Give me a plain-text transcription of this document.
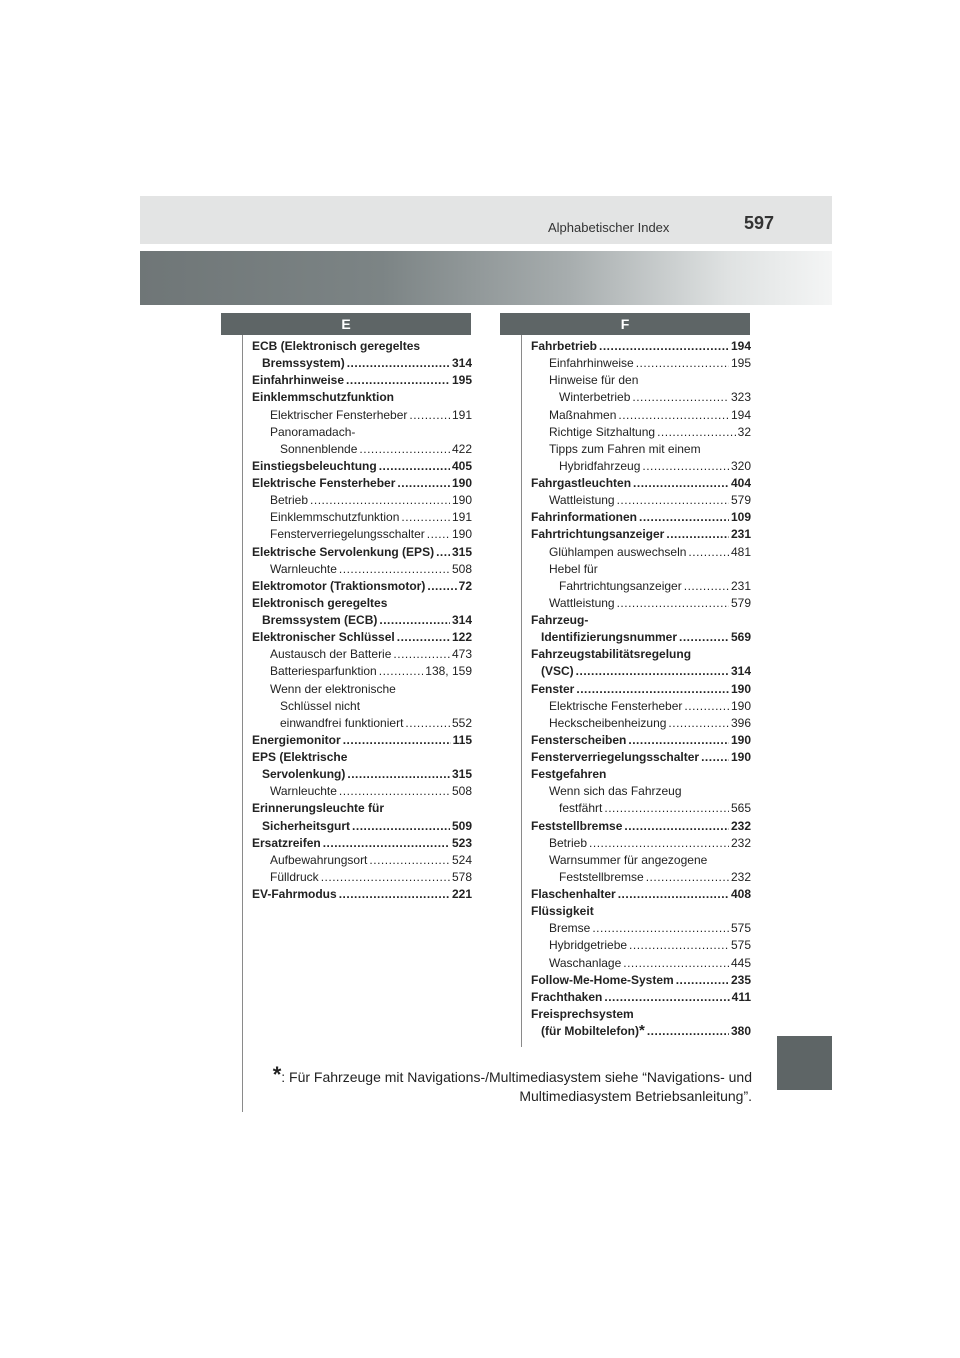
Alphabetischer Index	597
E	F
ECB (Elektronisch geregeltes
Bremssystem) .....	314
Einfahrhinweise .....	195
Einklemmschutzfunktion
Elektrischer Fensterheber .....	191
Panoramadach-
Sonnenblende .....	422
Einstiegsbeleuchtung .....	405
Elektrische Fensterheber .....	190
Betrieb .....	190
Einklemmschutzfunktion .....	191
Fensterverriegelungsschalter ..... 190
Elektrische Servolenkung (EPS) ..... 315
Warnleuchte .....	508
Elektromotor (Traktionsmotor) .....	72
Elektronisch geregeltes
Bremssystem (ECB) .....	314
Elektronischer Schlüssel .....	122
Austausch der Batterie .....	473
Batteriesparfunktion .....	138, 159
Wenn der elektronische
Schlüssel nicht
einwandfrei funktioniert .....	552
Energiemonitor .....	115
EPS (Elektrische
Servolenkung) .....	315
Warnleuchte .....	508
Erinnerungsleuchte für
Sicherheitsgurt .....	509
Ersatzreifen .....	523
Aufbewahrungsort .....	524
Fülldruck .....	578
EV-Fahrmodus .....	221
Fahrbetrieb .....	194
Einfahrhinweise .....	195
Hinweise für den
Winterbetrieb .....	323
Maßnahmen .....	194
Richtige Sitzhaltung .....	32
Tipps zum Fahren mit einem
Hybridfahrzeug .....	320
Fahrgastleuchten .....	404
Wattleistung .....	579
Fahrinformationen .....	109
Fahrtrichtungsanzeiger .....	231
Glühlampen auswechseln .....	481
Hebel für
Fahrtrichtungsanzeiger .....	231
Wattleistung .....	579
Fahrzeug-
Identifizierungsnummer .....	569
Fahrzeugstabilitätsregelung
(VSC) .....	314
Fenster .....	190
Elektrische Fensterheber .....	190
Heckscheibenheizung .....	396
Fensterscheiben .....	190
Fensterverriegelungsschalter .....	190
Festgefahren
Wenn sich das Fahrzeug
festfährt .....	565
Feststellbremse .....	232
Betrieb .....	232
Warnsummer für angezogene
Feststellbremse .....	232
Flaschenhalter .....	408
Flüssigkeit
Bremse .....	575
Hybridgetriebe .....	575
Waschanlage .....	445
Follow-Me-Home-System .....	235
Frachthaken .....	411
Freisprechsystem
(für Mobiltelefon) * .....	380
*: Für Fahrzeuge mit Navigations-/Multimediasystem siehe “Navigations- und
Multimediasystem Betriebsanleitung”.
